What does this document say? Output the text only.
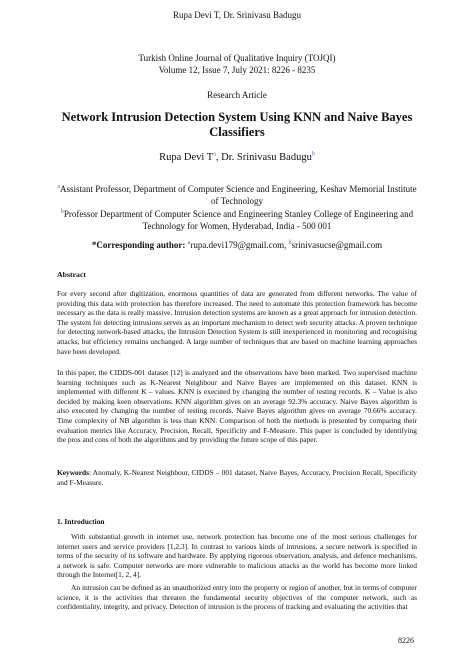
Rupa Devi T, Dr. Srinivasu Badugu
Turkish Online Journal of Qualitative Inquiry (TOJQI)
Volume 12, Issue 7, July 2021: 8226 - 8235
Research Article
Network Intrusion Detection System Using KNN and Naive Bayes Classifiers
Rupa Devi $T^a$, Dr. Srinivasu Badugu$^b$
$^a$Assistant Professor, Department of Computer Science and Engineering, Keshav Memorial Institute of Technology
$^b$Professor Department of Computer Science and Engineering Stanley College of Engineering and Technology for Women, Hyderabad, India - 500 001
*Corresponding author: $^a$rupa.devi179@gmail.com, $^b$srinivasucse@gmail.com
Abstract
For every second after digitization, enormous quantities of data are generated from different networks. The value of providing this data with protection has therefore increased. The need to automate this protection framework has become necessary as the data is really massive. Intrusion detection systems are known as a great approach for intrusion detection. The system for detecting intrusions serves as an important mechanism to detect web security attacks. A proven technique for detecting network-based attacks, the Intrusion Detection System is still inexperienced in monitoring and recognising attacks, but efficiency remains unchanged. A large number of techniques that are based on machine learning approaches have been developed.
In this paper, the CIDDS-001 dataset [12] is analyzed and the observations have been marked. Two supervised machine learning techniques such as K-Nearest Neighbour and Naive Bayes are implemented on this dataset. KNN is implemented with different K – values. KNN is executed by changing the number of testing records. K – Value is also decided by making keen observations. KNN algorithm gives on an average 92.3% accuracy. Naive Bayes algorithm is also executed by changing the number of testing records. Naive Bayes algorithm gives on average 70.66% accuracy. Time complexity of NB algorithm is less than KNN. Comparison of both the methods is presented by comparing their evaluation metrics like Accuracy, Precision, Recall, Specificity and F-Measure. This paper is concluded by identifying the pros and cons of both the algorithms and by providing the future scope of this paper.
Keywords: Anomaly, K-Nearest Neighbour, CIDDS – 001 dataset, Naive Bayes, Accuracy, Precision Recall, Specificity and F-Measure.
1. Introduction
With substantial growth in internet use, network protection has become one of the most serious challenges for internet users and service providers [1,2,3]. In contrast to various kinds of intrusions, a secure network is specified in terms of the security of its software and hardware. By applying rigorous observation, analysis, and defence mechanisms, a network is safe. Computer networks are more vulnerable to malicious attacks as the world has become more linked through the Internet[1, 2, 4].
An intrusion can be defined as an unauthorized entry into the property or region of another, but in terms of computer science, it is the activities that threaten the fundamental security objectives of the computer network, such as confidentiality, integrity, and privacy. Detection of intrusion is the process of tracking and evaluating the activities that
8226
